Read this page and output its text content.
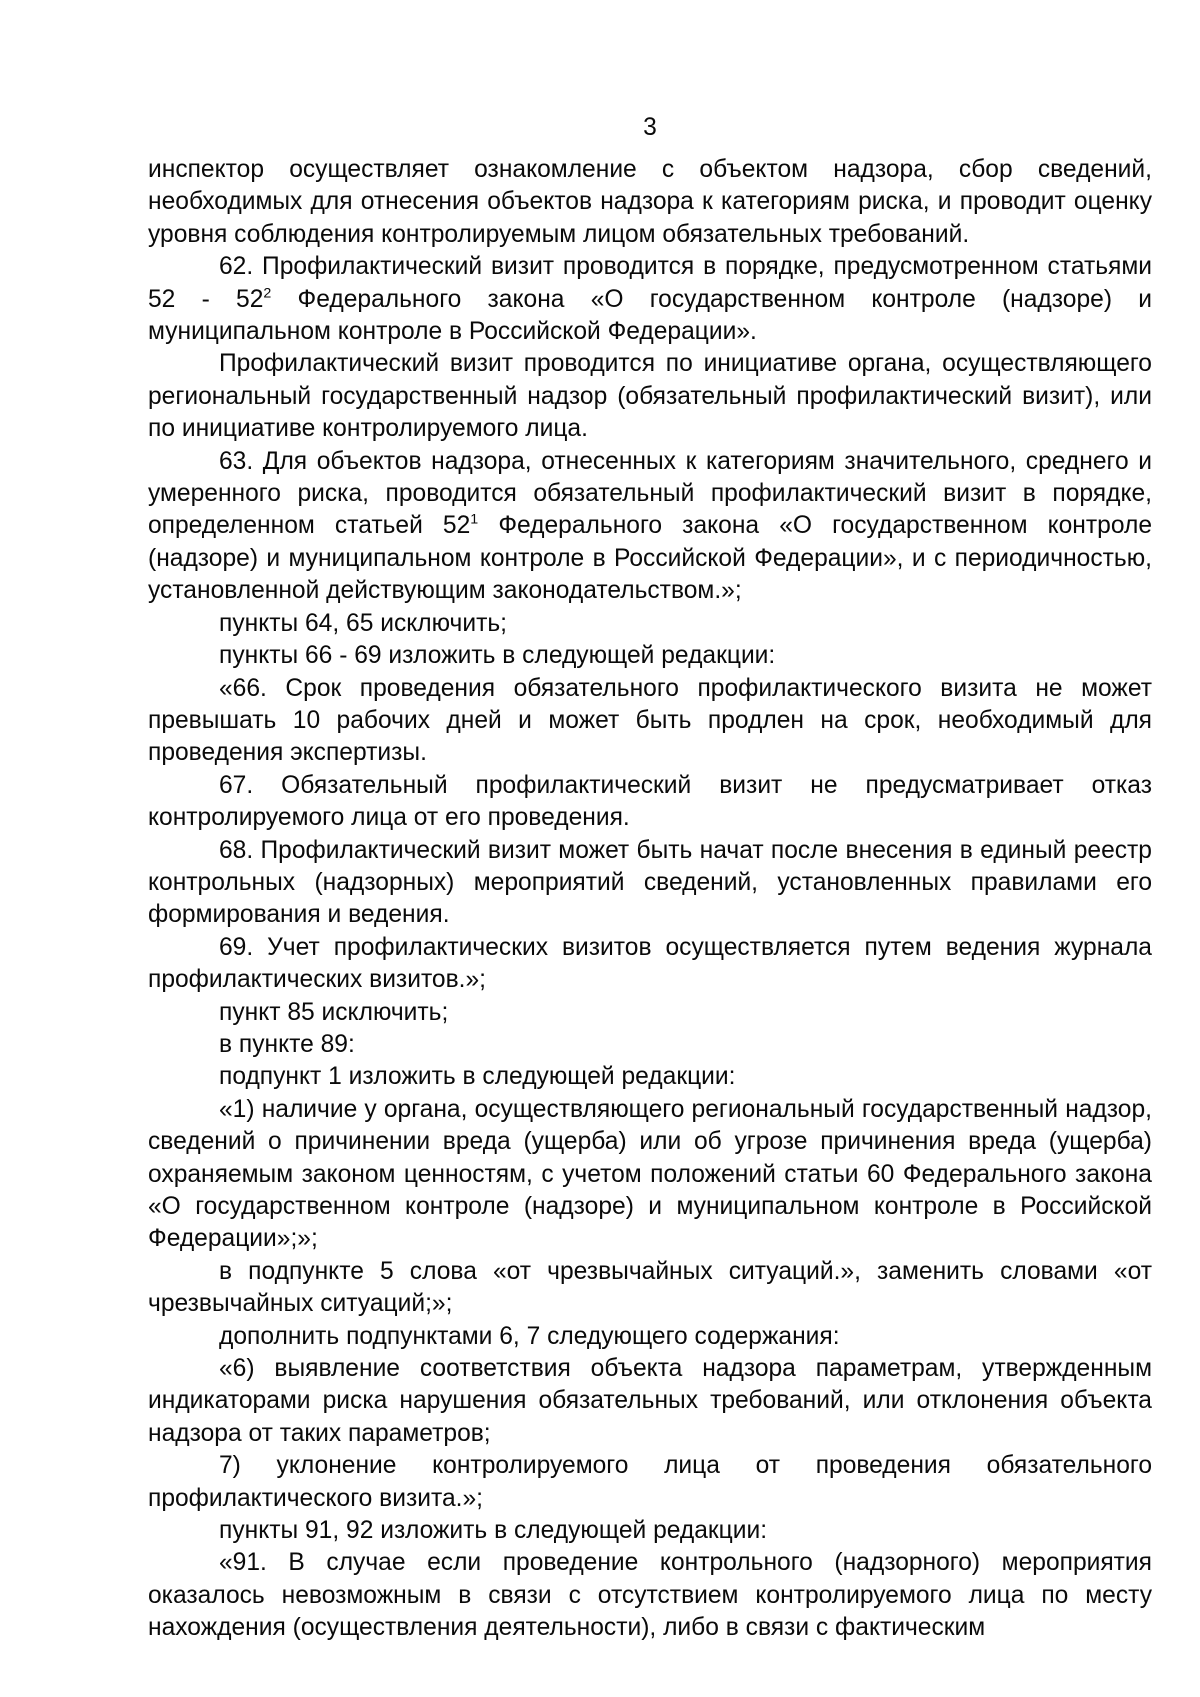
3

инспектор осуществляет ознакомление с объектом надзора, сбор сведений, необходимых для отнесения объектов надзора к категориям риска, и проводит оценку уровня соблюдения контролируемым лицом обязательных требований.

62. Профилактический визит проводится в порядке, предусмотренном статьями $52 - 52^2$ Федерального закона «О государственном контроле (надзоре) и муниципальном контроле в Российской Федерации».

Профилактический визит проводится по инициативе органа, осуществляющего региональный государственный надзор (обязательный профилактический визит), или по инициативе контролируемого лица.

63. Для объектов надзора, отнесенных к категориям значительного, среднего и умеренного риска, проводится обязательный профилактический визит в порядке, определенном статьей $52^1$ Федерального закона «О государственном контроле (надзоре) и муниципальном контроле в Российской Федерации», и с периодичностью, установленной действующим законодательством.»;

пункты 64, 65 исключить;

пункты 66 - 69 изложить в следующей редакции:

«66. Срок проведения обязательного профилактического визита не может превышать 10 рабочих дней и может быть продлен на срок, необходимый для проведения экспертизы.

67. Обязательный профилактический визит не предусматривает отказ контролируемого лица от его проведения.

68. Профилактический визит может быть начат после внесения в единый реестр контрольных (надзорных) мероприятий сведений, установленных правилами его формирования и ведения.

69. Учет профилактических визитов осуществляется путем ведения журнала профилактических визитов.»;

пункт 85 исключить;

в пункте 89:

подпункт 1 изложить в следующей редакции:

«1) наличие у органа, осуществляющего региональный государственный надзор, сведений о причинении вреда (ущерба) или об угрозе причинения вреда (ущерба) охраняемым законом ценностям, с учетом положений статьи 60 Федерального закона «О государственном контроле (надзоре) и муниципальном контроле в Российской Федерации»;»;

в подпункте 5 слова «от чрезвычайных ситуаций.», заменить словами «от чрезвычайных ситуаций;»;

дополнить подпунктами 6, 7 следующего содержания:

«6) выявление соответствия объекта надзора параметрам, утвержденным индикаторами риска нарушения обязательных требований, или отклонения объекта надзора от таких параметров;

7) уклонение контролируемого лица от проведения обязательного профилактического визита.»;

пункты 91, 92 изложить в следующей редакции:

«91. В случае если проведение контрольного (надзорного) мероприятия оказалось невозможным в связи с отсутствием контролируемого лица по месту нахождения (осуществления деятельности), либо в связи с фактическим
